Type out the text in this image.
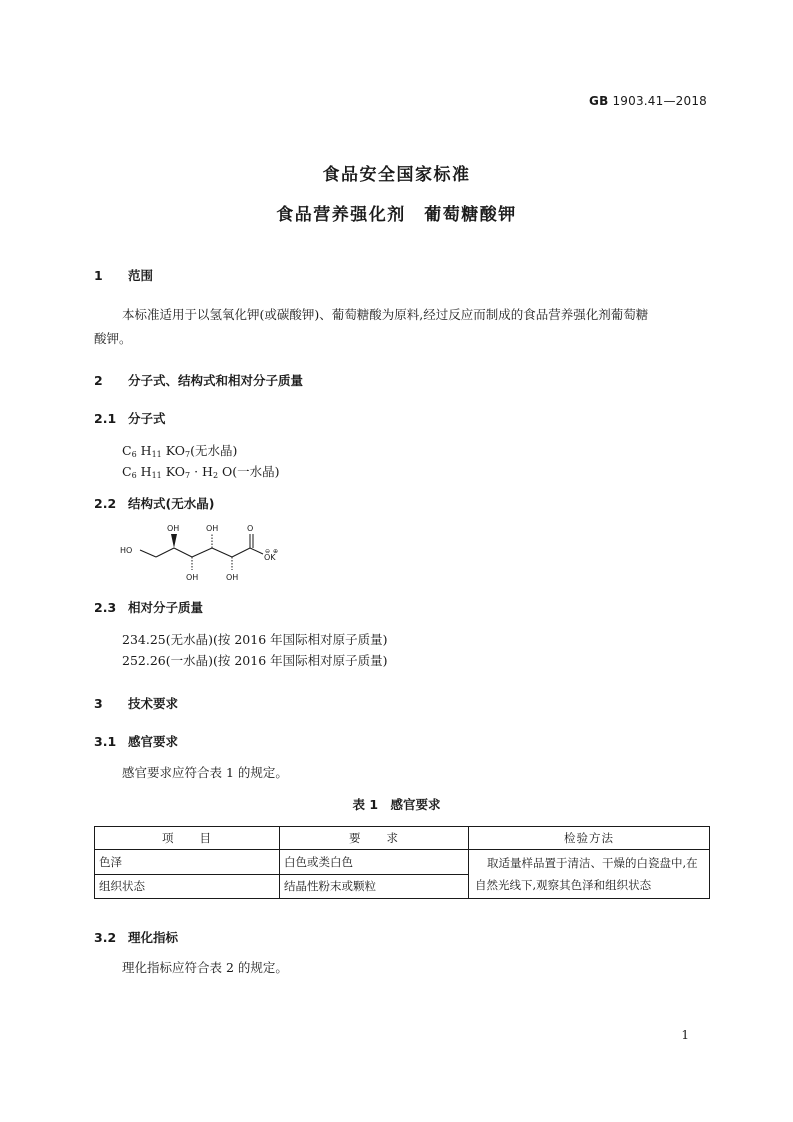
GB 1903.41—2018
食品安全国家标准
食品营养强化剂　葡萄糖酸钾
1 范围
本标准适用于以氢氧化钾(或碳酸钾)、葡萄糖酸为原料,经过反应而制成的食品营养强化剂葡萄糖
酸钾。
2 分子式、结构式和相对分子质量
2.1 分子式
$C_6$ $H_{11}$ $KO_7$(无水晶)
$C_6$ $H_{11}$ $KO_7 \cdot H_2$ O(一水晶)
2.2 结构式(无水晶)
HO
OH	OH	O
OH	OH
OK
⊖ ⊕
2.3 相对分子质量
234.25(无水晶)(按 2016 年国际相对原子质量)
252.26(一水晶)(按 2016 年国际相对原子质量)
3 技术要求
3.1 感官要求
感官要求应符合表 1 的规定。
表 1　感官要求
项　　目	要　　求	检验方法
色泽	白色或类白色	取适量样品置于清洁、干燥的白瓷盘中,在
自然光线下,观察其色泽和组织状态

组织状态	结晶性粉末或颗粒	
3.2 理化指标
理化指标应符合表 2 的规定。
1
